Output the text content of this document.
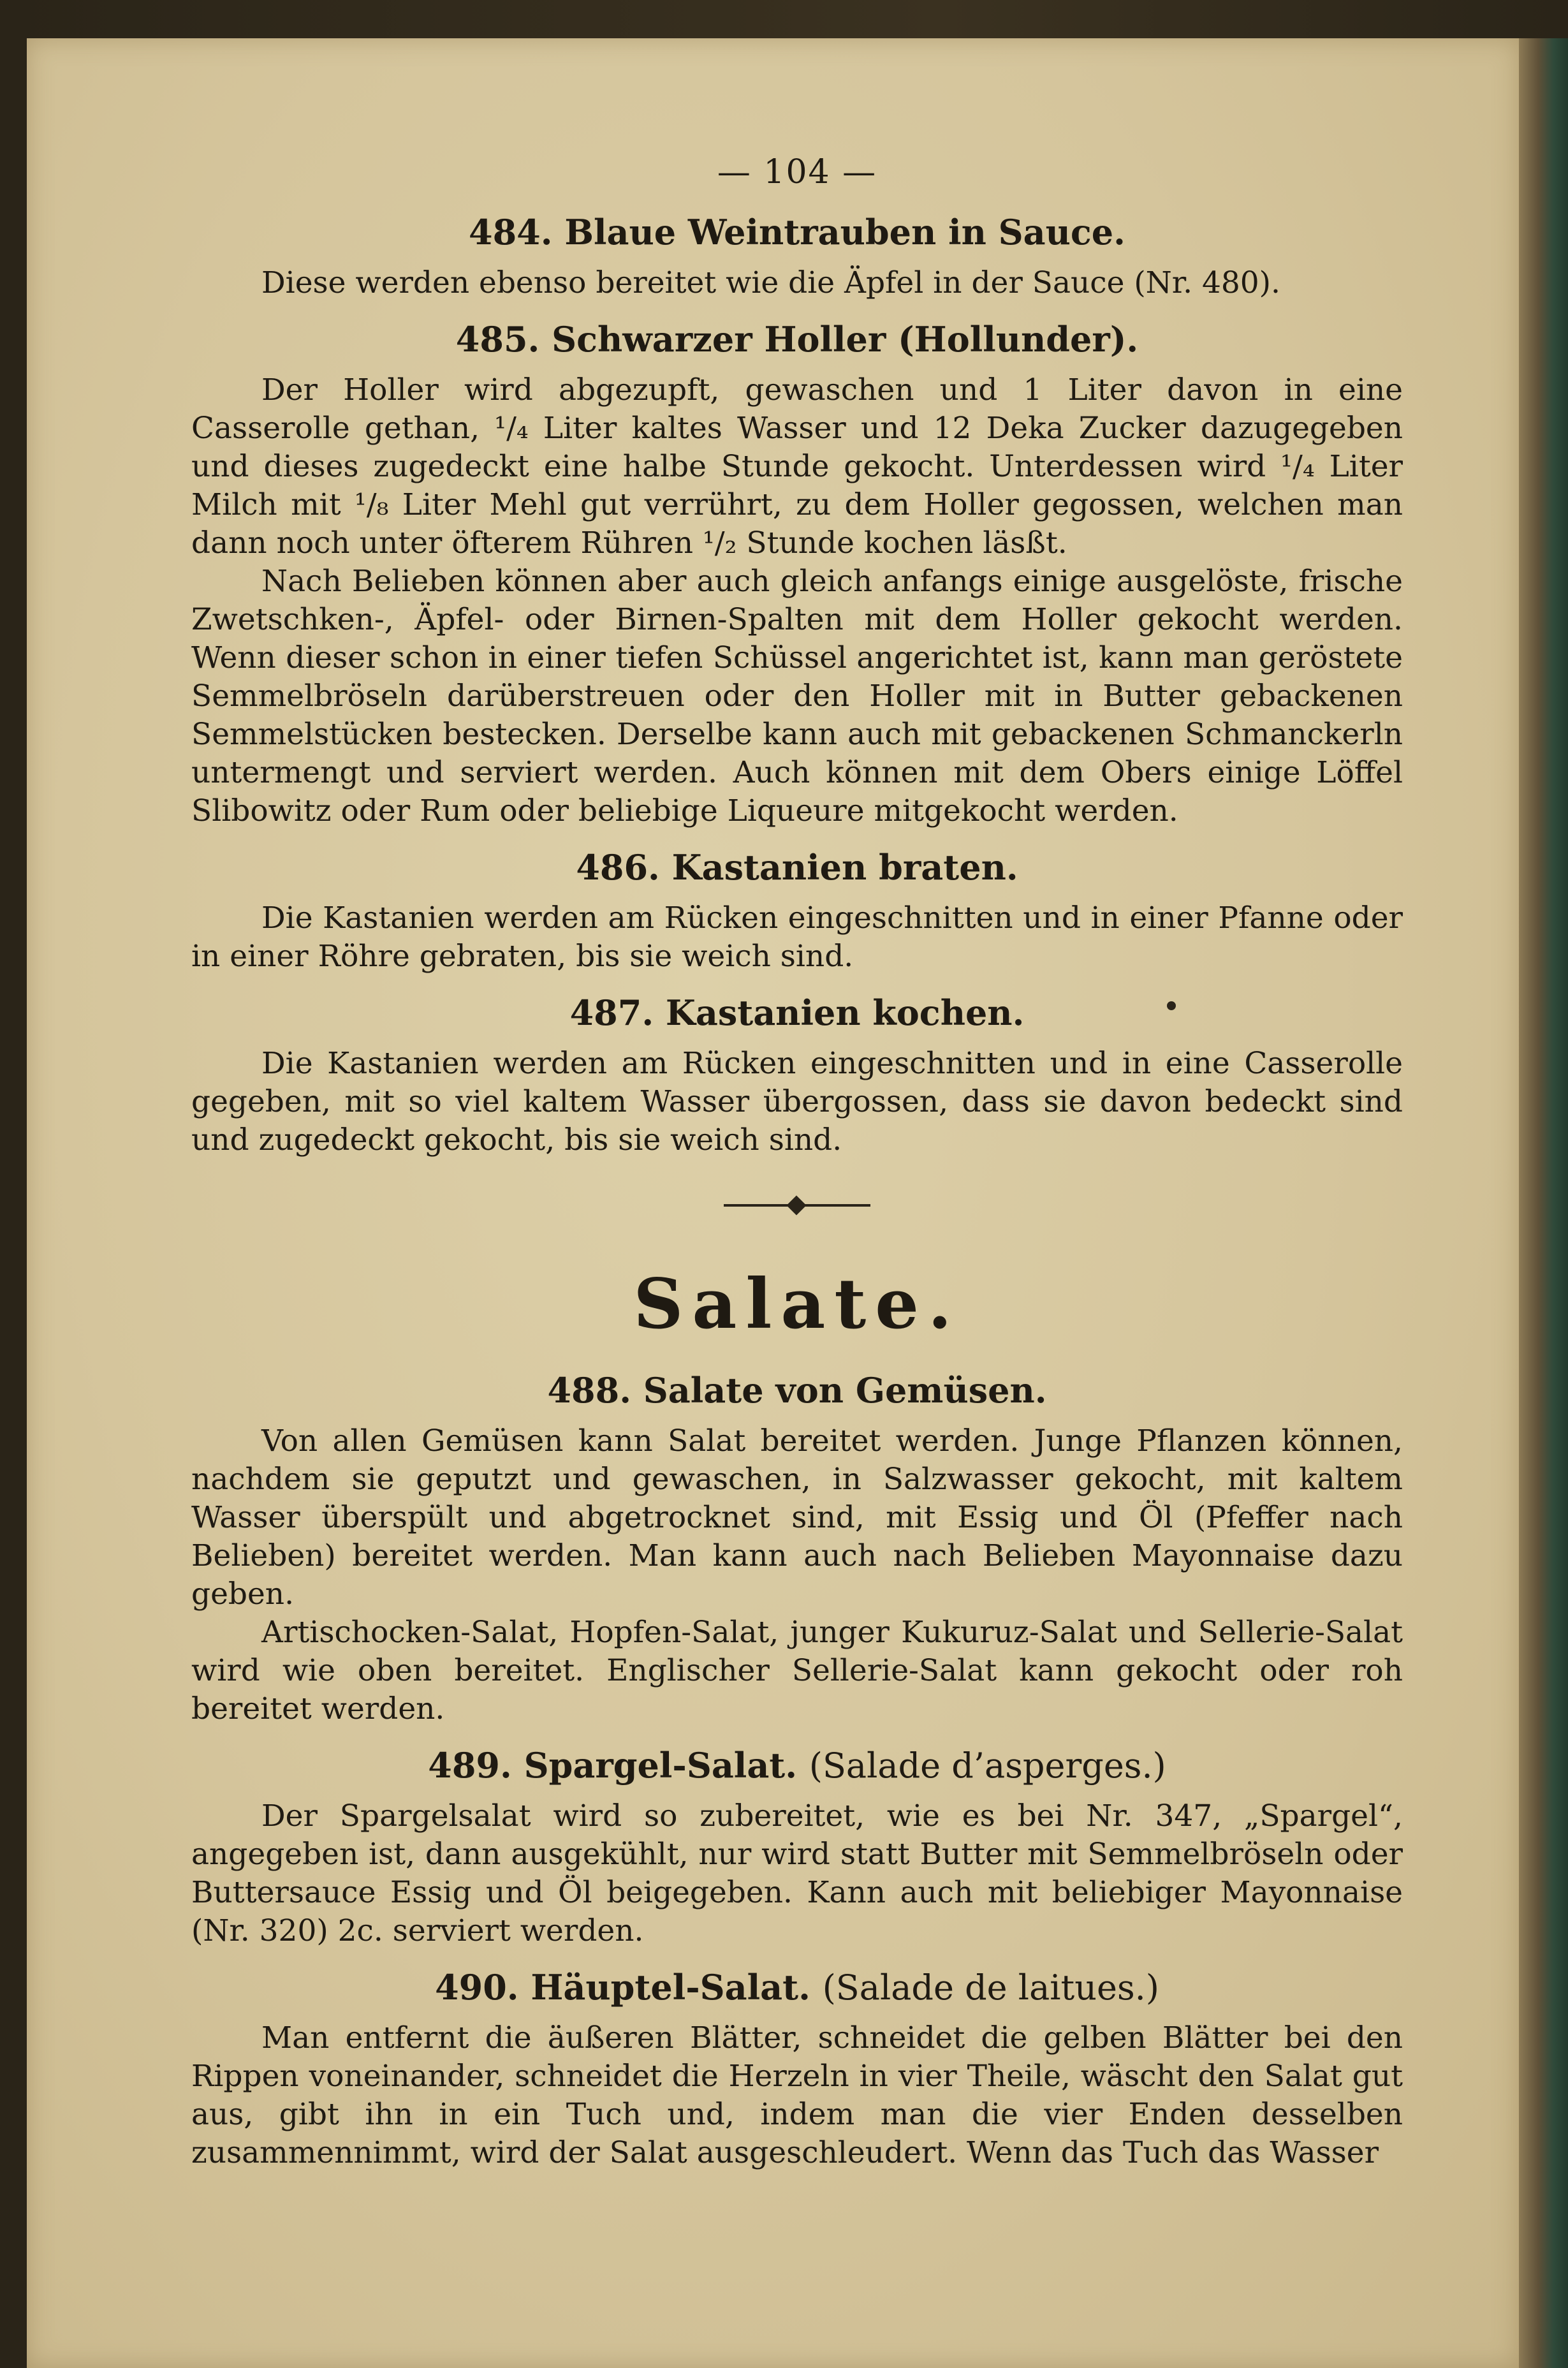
— 104 —
484. Blaue Weintrauben in Sauce.

Diese werden ebenso bereitet wie die Äpfel in der Sauce (Nr. 480).

485. Schwarzer Holler (Hollunder).

Der Holler wird abgezupft, gewaschen und 1 Liter davon in eine Casserolle gethan, ¹/₄ Liter kaltes Wasser und 12 Deka Zucker dazugegeben und dieses zugedeckt eine halbe Stunde gekocht. Unterdessen wird ¹/₄ Liter Milch mit ¹/₈ Liter Mehl gut verrührt, zu dem Holler gegossen, welchen man dann noch unter öfterem Rühren ¹/₂ Stunde kochen läsßt.

Nach Belieben können aber auch gleich anfangs einige ausgelöste, frische Zwetschken-, Äpfel- oder Birnen-Spalten mit dem Holler gekocht werden. Wenn dieser schon in einer tiefen Schüssel angerichtet ist, kann man geröstete Semmelbröseln darüberstreuen oder den Holler mit in Butter gebackenen Semmelstücken bestecken. Derselbe kann auch mit gebackenen Schmanckerln untermengt und serviert werden. Auch können mit dem Obers einige Löffel Slibowitz oder Rum oder beliebige Liqueure mitgekocht werden.

486. Kastanien braten.

Die Kastanien werden am Rücken eingeschnitten und in einer Pfanne oder in einer Röhre gebraten, bis sie weich sind.

487. Kastanien kochen.

Die Kastanien werden am Rücken eingeschnitten und in eine Casserolle gegeben, mit so viel kaltem Wasser übergossen, dass sie davon bedeckt sind und zugedeckt gekocht, bis sie weich sind.

Salate.
488. Salate von Gemüsen.

Von allen Gemüsen kann Salat bereitet werden. Junge Pflanzen können, nachdem sie geputzt und gewaschen, in Salzwasser gekocht, mit kaltem Wasser überspült und abgetrocknet sind, mit Essig und Öl (Pfeffer nach Belieben) bereitet werden. Man kann auch nach Belieben Mayonnaise dazu geben.

Artischocken-Salat, Hopfen-Salat, junger Kukuruz-Salat und Sellerie-Salat wird wie oben bereitet. Englischer Sellerie-Salat kann gekocht oder roh bereitet werden.

489. Spargel-Salat. (Salade d’asperges.)

Der Spargelsalat wird so zubereitet, wie es bei Nr. 347, „Spargel“, angegeben ist, dann ausgekühlt, nur wird statt Butter mit Semmelbröseln oder Buttersauce Essig und Öl beigegeben. Kann auch mit beliebiger Mayonnaise (Nr. 320) 2c. serviert werden.

490. Häuptel-Salat. (Salade de laitues.)

Man entfernt die äußeren Blätter, schneidet die gelben Blätter bei den Rippen voneinander, schneidet die Herzeln in vier Theile, wäscht den Salat gut aus, gibt ihn in ein Tuch und, indem man die vier Enden desselben zusammennimmt, wird der Salat ausgeschleudert. Wenn das Tuch das Wasser
